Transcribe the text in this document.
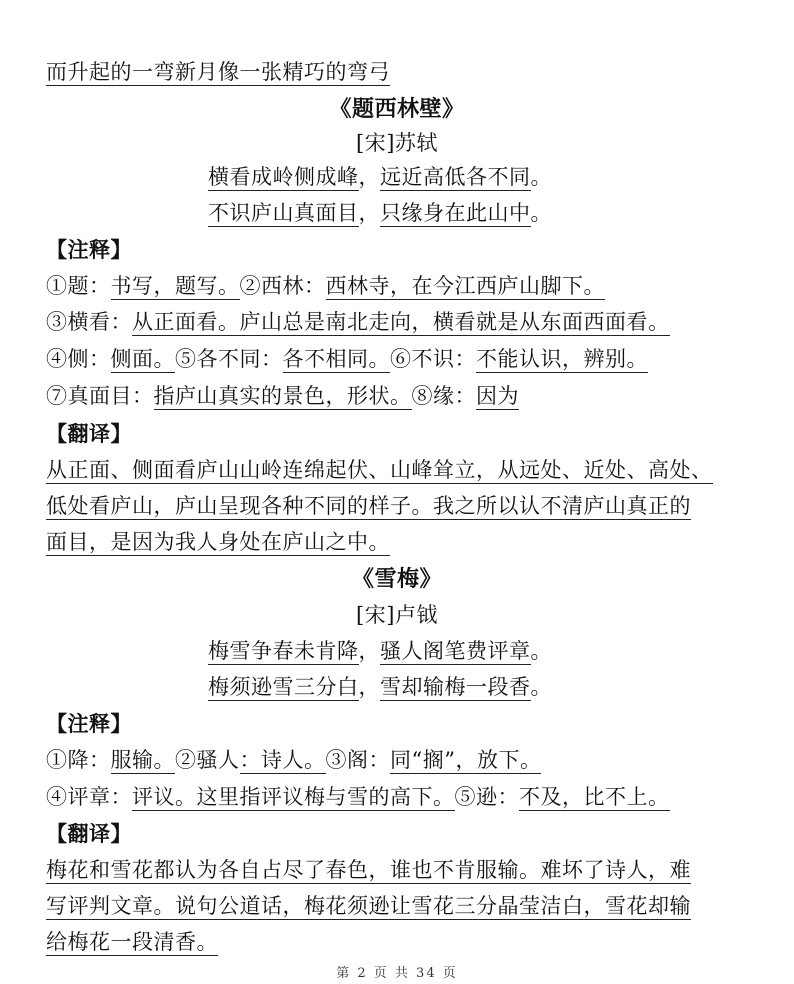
而升起的一弯新月像一张精巧的弯弓
《题西林壁》
[宋]苏轼
横看成岭侧成峰，远近高低各不同。
不识庐山真面目，只缘身在此山中。
【注释】
①题：书写，题写。②西林：西林寺，在今江西庐山脚下。
③横看：从正面看。庐山总是南北走向，横看就是从东面西面看。
④侧：侧面。⑤各不同：各不相同。⑥不识：不能认识，辨别。
⑦真面目：指庐山真实的景色，形状。⑧缘：因为
【翻译】
从正面、侧面看庐山山岭连绵起伏、山峰耸立，从远处、近处、高处、
低处看庐山，庐山呈现各种不同的样子。我之所以认不清庐山真正的
面目，是因为我人身处在庐山之中。
《雪梅》
[宋]卢钺
梅雪争春未肯降，骚人阁笔费评章。
梅须逊雪三分白，雪却输梅一段香。
【注释】
①降：服输。②骚人：诗人。③阁：同“搁”，放下。
④评章：评议。这里指评议梅与雪的高下。⑤逊：不及，比不上。
【翻译】
梅花和雪花都认为各自占尽了春色，谁也不肯服输。难坏了诗人，难
写评判文章。说句公道话，梅花须逊让雪花三分晶莹洁白，雪花却输
给梅花一段清香。
第 2 页 共 34 页
